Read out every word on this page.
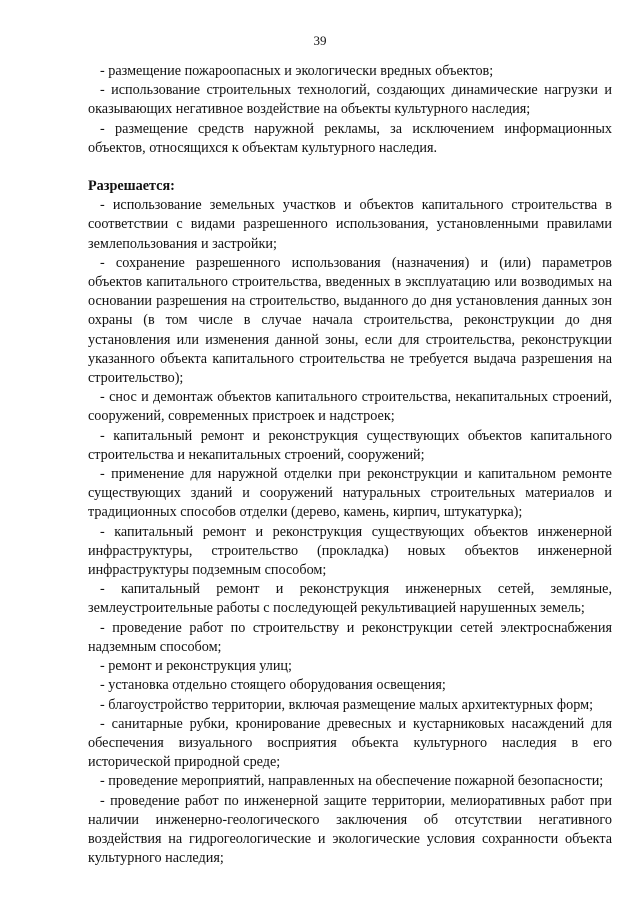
39

- размещение пожароопасных и экологически вредных объектов;

- использование строительных технологий, создающих динамические нагрузки и оказывающих негативное воздействие на объекты культурного наследия;

- размещение средств наружной рекламы, за исключением информационных объектов, относящихся к объектам культурного наследия.

Разрешается:

- использование земельных участков и объектов капитального строительства в соответствии с видами разрешенного использования, установленными правилами землепользования и застройки;

- сохранение разрешенного использования (назначения) и (или) параметров объектов капитального строительства, введенных в эксплуатацию или возводимых на основании разрешения на строительство, выданного до дня установления данных зон охраны (в том числе в случае начала строительства, реконструкции до дня установления или изменения данной зоны, если для строительства, реконструкции указанного объекта капитального строительства не требуется выдача разрешения на строительство);

- снос и демонтаж объектов капитального строительства, некапитальных строений, сооружений, современных пристроек и надстроек;

- капитальный ремонт и реконструкция существующих объектов капитального строительства и некапитальных строений, сооружений;

- применение для наружной отделки при реконструкции и капитальном ремонте существующих зданий и сооружений натуральных строительных материалов и традиционных способов отделки (дерево, камень, кирпич, штукатурка);

- капитальный ремонт и реконструкция существующих объектов инженерной инфраструктуры, строительство (прокладка) новых объектов инженерной инфраструктуры подземным способом;

- капитальный ремонт и реконструкция инженерных сетей, земляные, землеустроительные работы с последующей рекультивацией нарушенных земель;

- проведение работ по строительству и реконструкции сетей электроснабжения надземным способом;

- ремонт и реконструкция улиц;

- установка отдельно стоящего оборудования освещения;

- благоустройство территории, включая размещение малых архитектурных форм;

- санитарные рубки, кронирование древесных и кустарниковых насаждений для обеспечения визуального восприятия объекта культурного наследия в его исторической природной среде;

- проведение мероприятий, направленных на обеспечение пожарной безопасности;

- проведение работ по инженерной защите территории, мелиоративных работ при наличии инженерно-геологического заключения об отсутствии негативного воздействия на гидрогеологические и экологические условия сохранности объекта культурного наследия;
